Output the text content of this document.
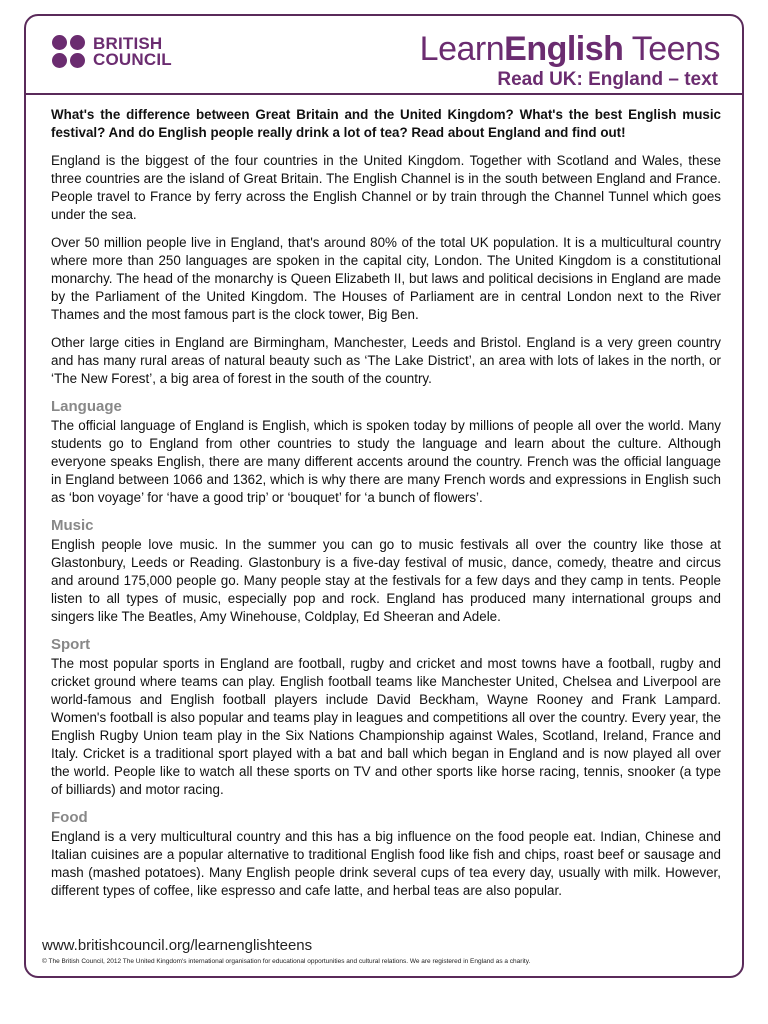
BRITISH
COUNCIL	LearnEnglish Teens
Read UK: England – text

What's the difference between Great Britain and the United Kingdom? What's the best English music festival? And do English people really drink a lot of tea? Read about England and find out!

England is the biggest of the four countries in the United Kingdom. Together with Scotland and Wales, these three countries are the island of Great Britain. The English Channel is in the south between England and France. People travel to France by ferry across the English Channel or by train through the Channel Tunnel which goes under the sea.

Over 50 million people live in England, that's around 80% of the total UK population. It is a multicultural country where more than 250 languages are spoken in the capital city, London. The United Kingdom is a constitutional monarchy. The head of the monarchy is Queen Elizabeth II, but laws and political decisions in England are made by the Parliament of the United Kingdom. The Houses of Parliament are in central London next to the River Thames and the most famous part is the clock tower, Big Ben.

Other large cities in England are Birmingham, Manchester, Leeds and Bristol. England is a very green country and has many rural areas of natural beauty such as ‘The Lake District’, an area with lots of lakes in the north, or ‘The New Forest’, a big area of forest in the south of the country.

Language

The official language of England is English, which is spoken today by millions of people all over the world. Many students go to England from other countries to study the language and learn about the culture. Although everyone speaks English, there are many different accents around the country. French was the official language in England between 1066 and 1362, which is why there are many French words and expressions in English such as ‘bon voyage’ for ‘have a good trip’ or ‘bouquet’ for ‘a bunch of flowers’.

Music

English people love music. In the summer you can go to music festivals all over the country like those at Glastonbury, Leeds or Reading. Glastonbury is a five-day festival of music, dance, comedy, theatre and circus and around 175,000 people go. Many people stay at the festivals for a few days and they camp in tents. People listen to all types of music, especially pop and rock. England has produced many international groups and singers like The Beatles, Amy Winehouse, Coldplay, Ed Sheeran and Adele.

Sport

The most popular sports in England are football, rugby and cricket and most towns have a football, rugby and cricket ground where teams can play. English football teams like Manchester United, Chelsea and Liverpool are world-famous and English football players include David Beckham, Wayne Rooney and Frank Lampard. Women's football is also popular and teams play in leagues and competitions all over the country. Every year, the English Rugby Union team play in the Six Nations Championship against Wales, Scotland, Ireland, France and Italy. Cricket is a traditional sport played with a bat and ball which began in England and is now played all over the world. People like to watch all these sports on TV and other sports like horse racing, tennis, snooker (a type of billiards) and motor racing.

Food

England is a very multicultural country and this has a big influence on the food people eat. Indian, Chinese and Italian cuisines are a popular alternative to traditional English food like fish and chips, roast beef or sausage and mash (mashed potatoes). Many English people drink several cups of tea every day, usually with milk. However, different types of coffee, like espresso and cafe latte, and herbal teas are also popular.

www.britishcouncil.org/learnenglishteens
© The British Council, 2012 The United Kingdom's international organisation for educational opportunities and cultural relations. We are registered in England as a charity.
